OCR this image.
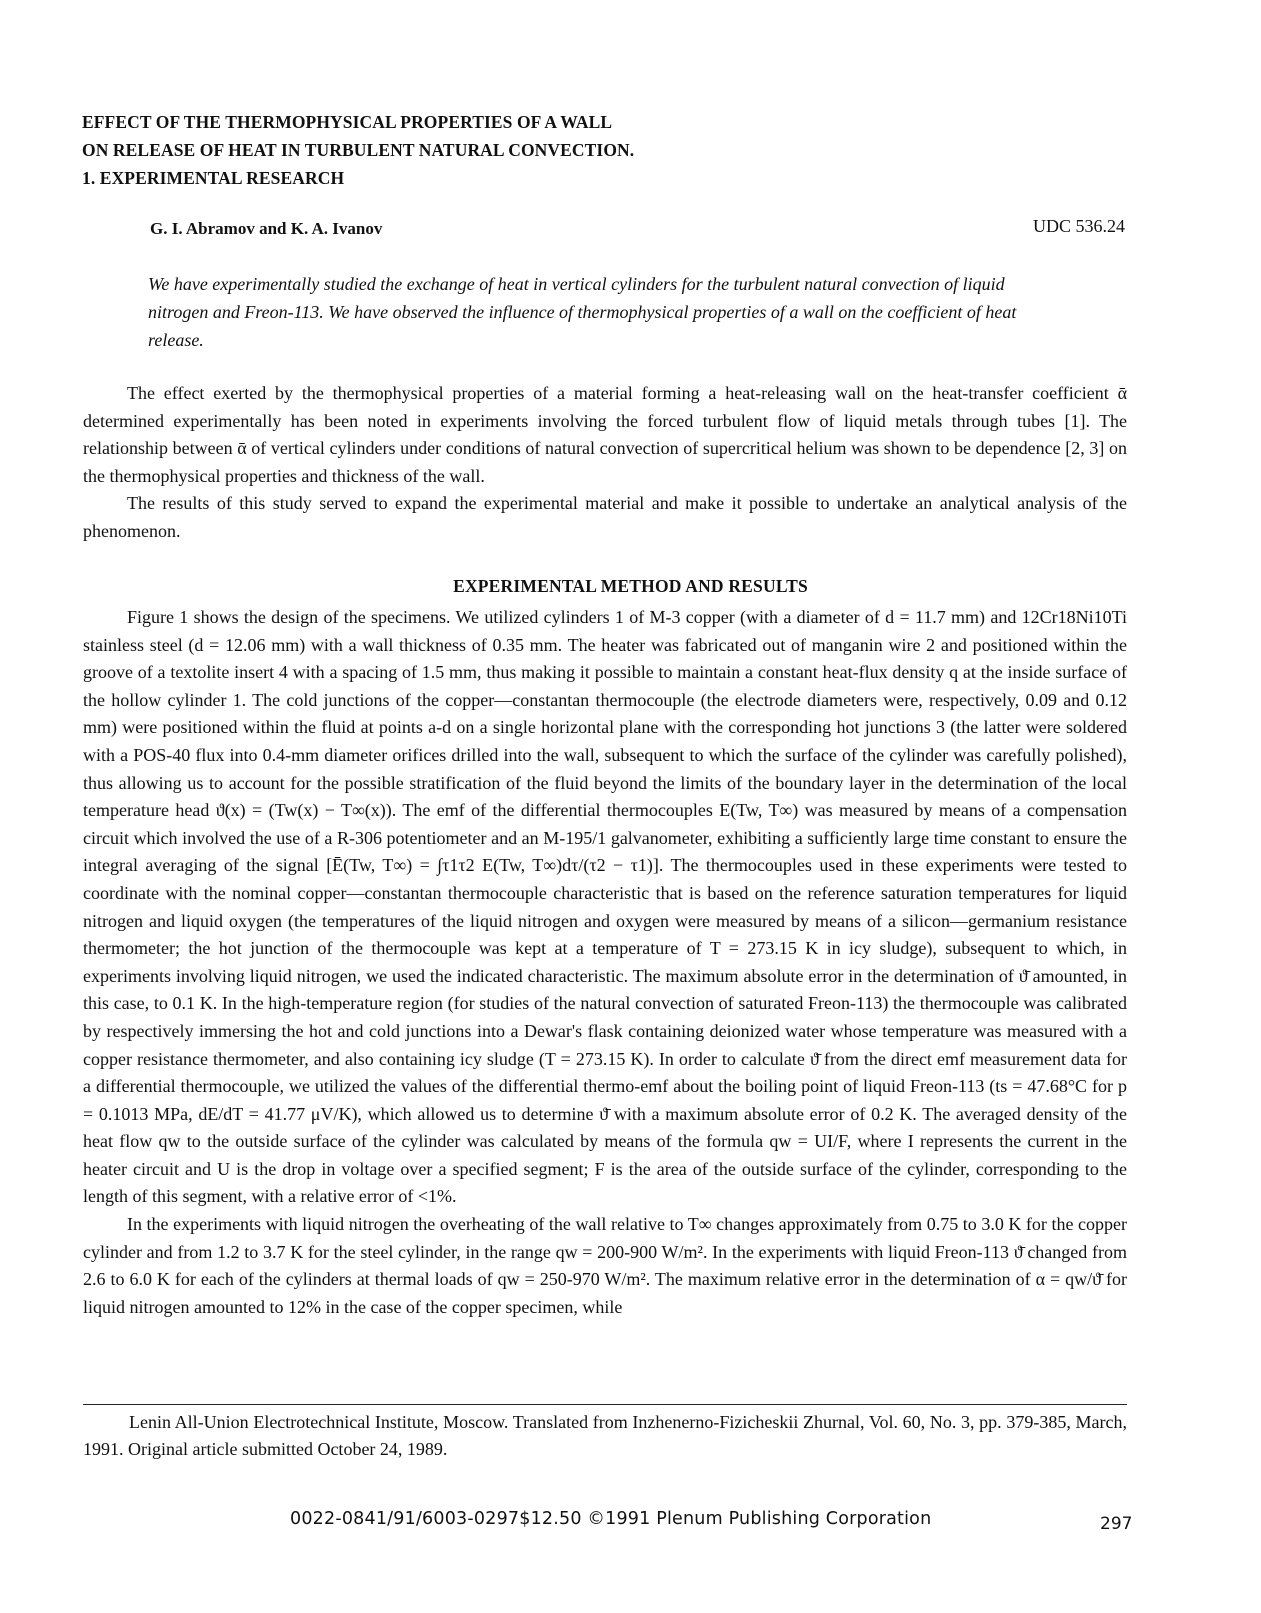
EFFECT OF THE THERMOPHYSICAL PROPERTIES OF A WALL
ON RELEASE OF HEAT IN TURBULENT NATURAL CONVECTION.
1. EXPERIMENTAL RESEARCH
G. I. Abramov and K. A. Ivanov	UDC 536.24
We have experimentally studied the exchange of heat in vertical cylinders for the turbulent natural convection of liquid nitrogen and Freon-113. We have observed the influence of thermophysical properties of a wall on the coefficient of heat release.

The effect exerted by the thermophysical properties of a material forming a heat-releasing wall on the heat-transfer coefficient ᾱ determined experimentally has been noted in experiments involving the forced turbulent flow of liquid metals through tubes [1]. The relationship between ᾱ of vertical cylinders under conditions of natural convection of supercritical helium was shown to be dependence [2, 3] on the thermophysical properties and thickness of the wall.

The results of this study served to expand the experimental material and make it possible to undertake an analytical analysis of the phenomenon.

EXPERIMENTAL METHOD AND RESULTS

Figure 1 shows the design of the specimens. We utilized cylinders 1 of M-3 copper (with a diameter of d = 11.7 mm) and 12Cr18Ni10Ti stainless steel (d = 12.06 mm) with a wall thickness of 0.35 mm. The heater was fabricated out of manganin wire 2 and positioned within the groove of a textolite insert 4 with a spacing of 1.5 mm, thus making it possible to maintain a constant heat-flux density q at the inside surface of the hollow cylinder 1. The cold junctions of the copper—constantan thermocouple (the electrode diameters were, respectively, 0.09 and 0.12 mm) were positioned within the fluid at points a-d on a single horizontal plane with the corresponding hot junctions 3 (the latter were soldered with a POS-40 flux into 0.4-mm diameter orifices drilled into the wall, subsequent to which the surface of the cylinder was carefully polished), thus allowing us to account for the possible stratification of the fluid beyond the limits of the boundary layer in the determination of the local temperature head ϑ(x) = (Tw(x) − T∞(x)). The emf of the differential thermocouples E(Tw, T∞) was measured by means of a compensation circuit which involved the use of a R-306 potentiometer and an M-195/1 galvanometer, exhibiting a sufficiently large time constant to ensure the integral averaging of the signal [Ē(Tw, T∞) = ∫τ1τ2 E(Tw, T∞)dτ/(τ2 − τ1)]. The thermocouples used in these experiments were tested to coordinate with the nominal copper—constantan thermocouple characteristic that is based on the reference saturation temperatures for liquid nitrogen and liquid oxygen (the temperatures of the liquid nitrogen and oxygen were measured by means of a silicon—germanium resistance thermometer; the hot junction of the thermocouple was kept at a temperature of T = 273.15 K in icy sludge), subsequent to which, in experiments involving liquid nitrogen, we used the indicated characteristic. The maximum absolute error in the determination of ϑ̄ amounted, in this case, to 0.1 K. In the high-temperature region (for studies of the natural convection of saturated Freon-113) the thermocouple was calibrated by respectively immersing the hot and cold junctions into a Dewar's flask containing deionized water whose temperature was measured with a copper resistance thermometer, and also containing icy sludge (T = 273.15 K). In order to calculate ϑ̄ from the direct emf measurement data for a differential thermocouple, we utilized the values of the differential thermo-emf about the boiling point of liquid Freon-113 (ts = 47.68°C for p = 0.1013 MPa, dE/dT = 41.77 μV/K), which allowed us to determine ϑ̄ with a maximum absolute error of 0.2 K. The averaged density of the heat flow qw to the outside surface of the cylinder was calculated by means of the formula qw = UI/F, where I represents the current in the heater circuit and U is the drop in voltage over a specified segment; F is the area of the outside surface of the cylinder, corresponding to the length of this segment, with a relative error of <1%.

In the experiments with liquid nitrogen the overheating of the wall relative to T∞ changes approximately from 0.75 to 3.0 K for the copper cylinder and from 1.2 to 3.7 K for the steel cylinder, in the range qw = 200-900 W/m². In the experiments with liquid Freon-113 ϑ̄ changed from 2.6 to 6.0 K for each of the cylinders at thermal loads of qw = 250-970 W/m². The maximum relative error in the determination of α = qw/ϑ̄ for liquid nitrogen amounted to 12% in the case of the copper specimen, while

Lenin All-Union Electrotechnical Institute, Moscow. Translated from Inzhenerno-Fizicheskii Zhurnal, Vol. 60, No. 3, pp. 379-385, March, 1991. Original article submitted October 24, 1989.
0022-0841/91/6003-0297$12.50 ©1991 Plenum Publishing Corporation	297
